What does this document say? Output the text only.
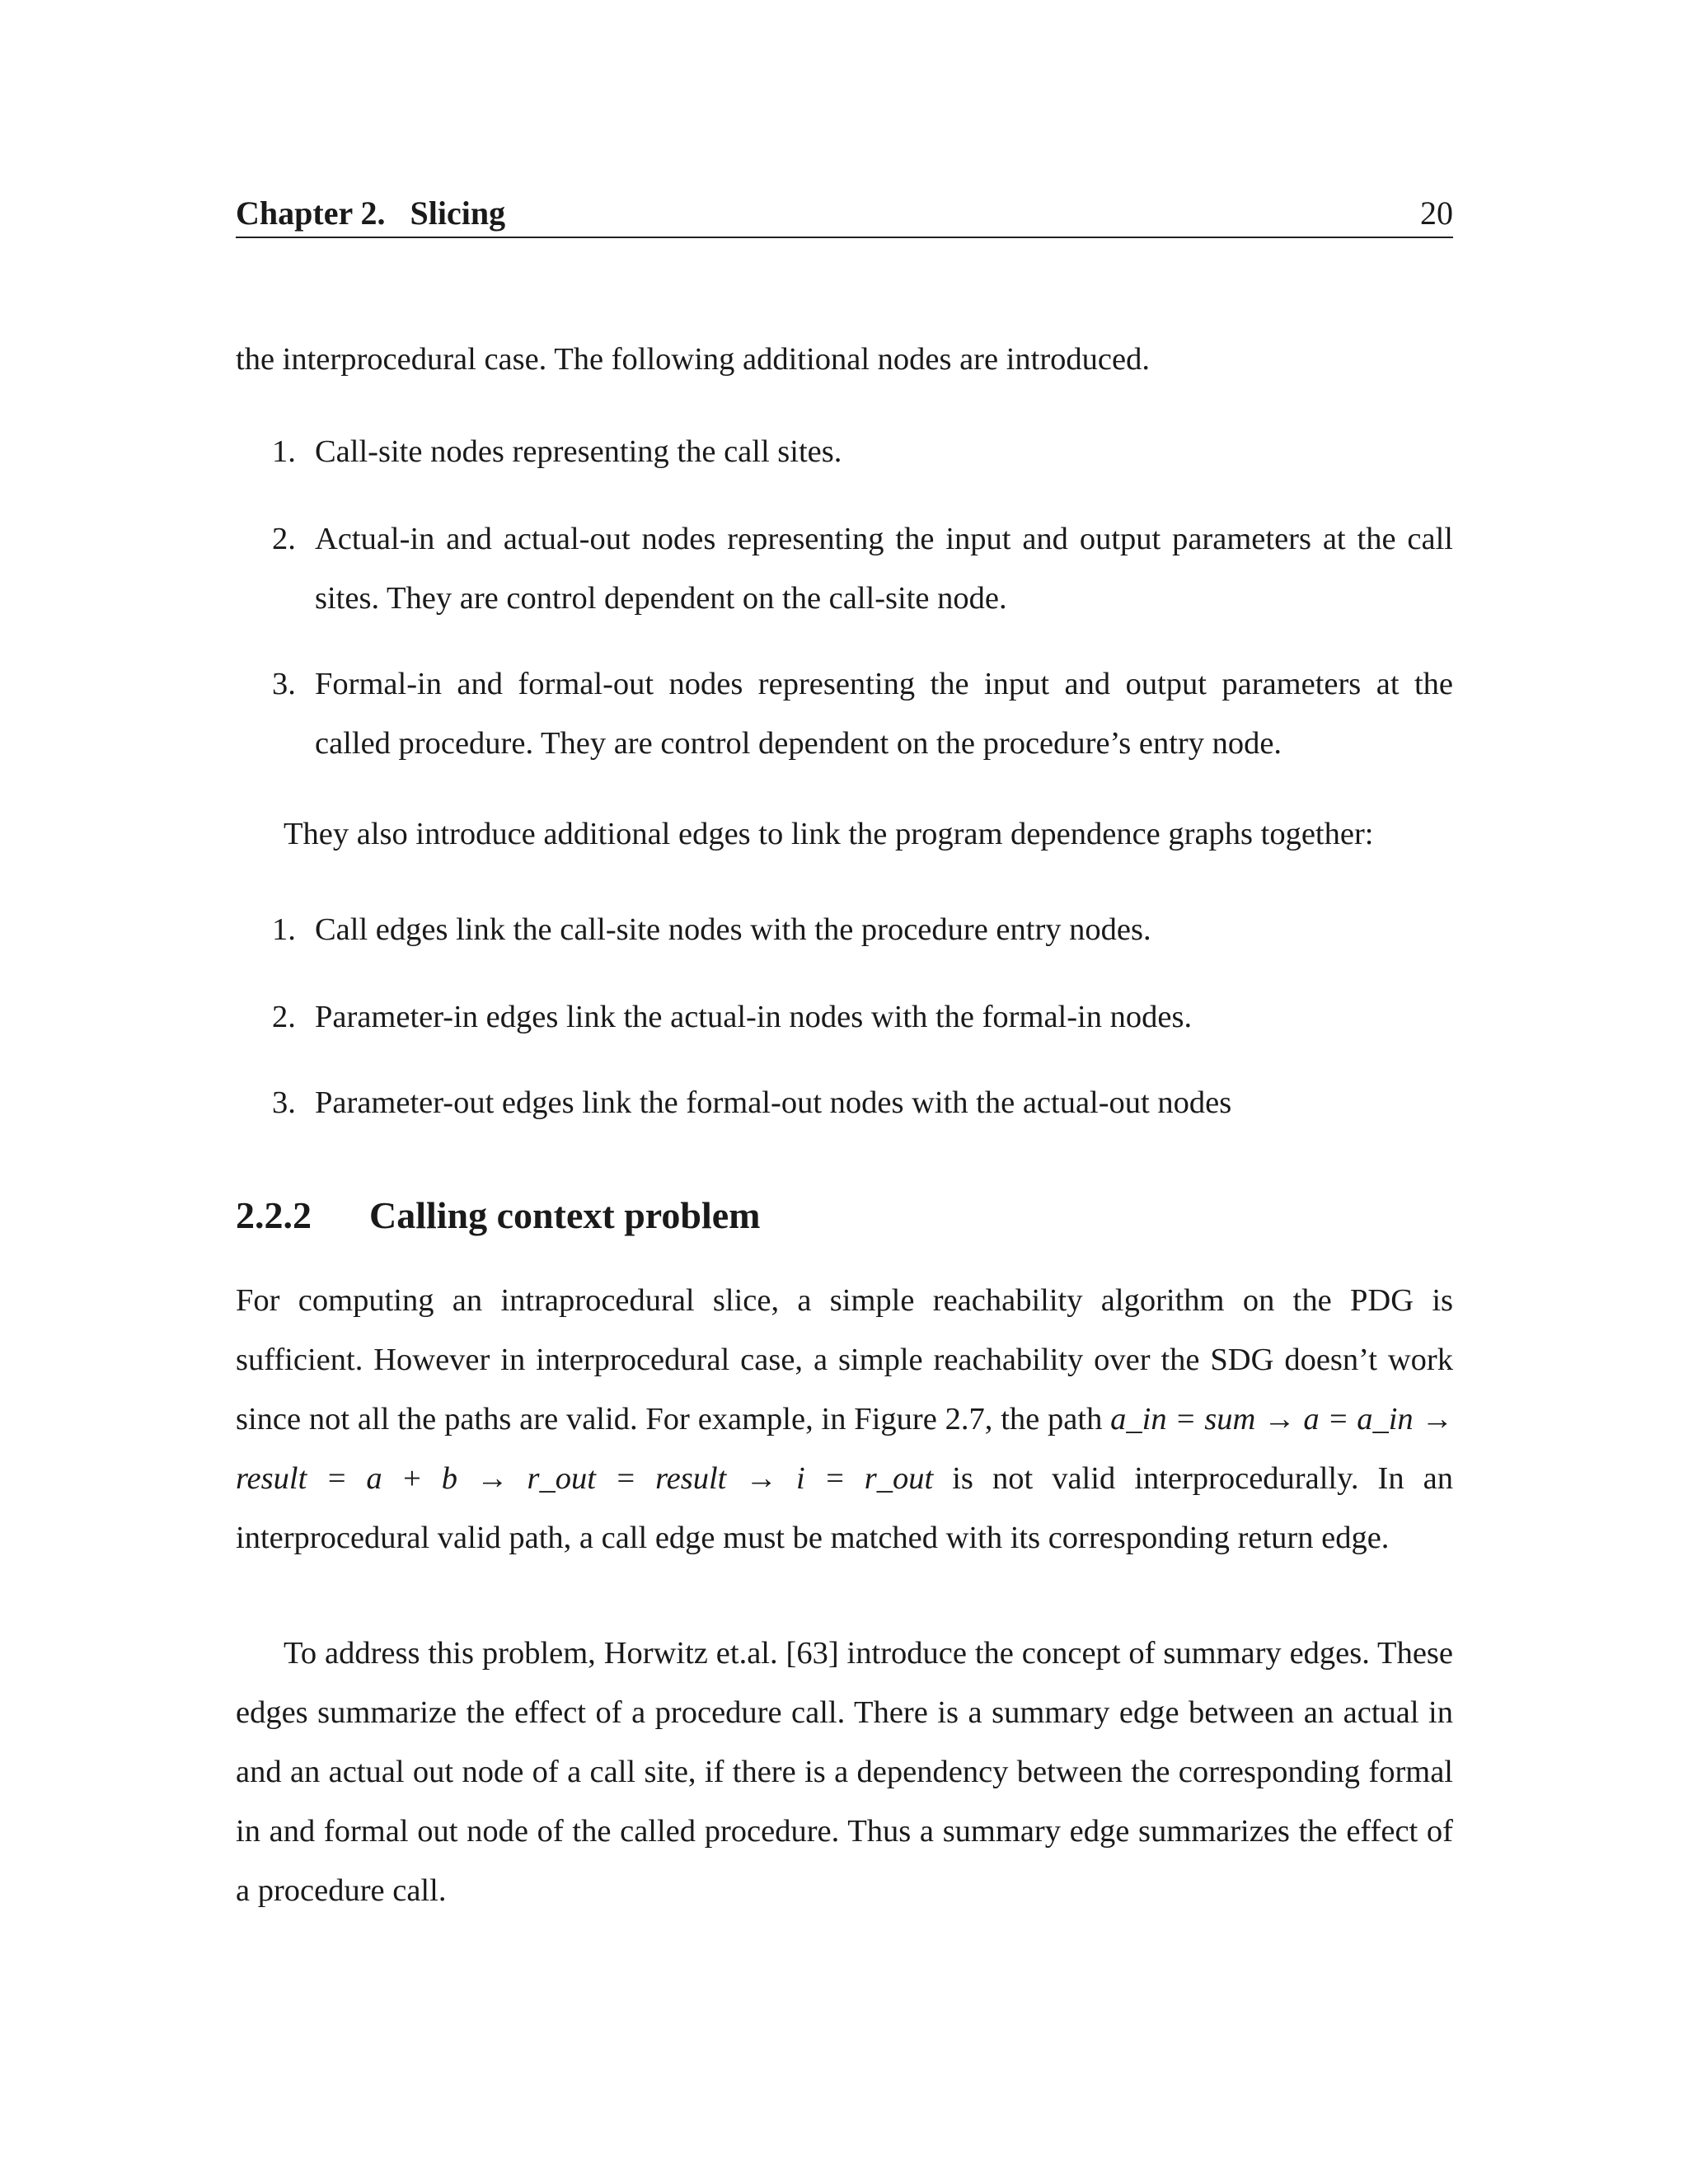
Chapter 2.   Slicing	20
the interprocedural case. The following additional nodes are introduced.
1. Call-site nodes representing the call sites.
2. Actual-in and actual-out nodes representing the input and output parameters at the call sites. They are control dependent on the call-site node.
3. Formal-in and formal-out nodes representing the input and output parameters at the called procedure. They are control dependent on the procedure’s entry node.
They also introduce additional edges to link the program dependence graphs together:
1. Call edges link the call-site nodes with the procedure entry nodes.
2. Parameter-in edges link the actual-in nodes with the formal-in nodes.
3. Parameter-out edges link the formal-out nodes with the actual-out nodes
2.2.2 Calling context problem
For computing an intraprocedural slice, a simple reachability algorithm on the PDG is sufficient. However in interprocedural case, a simple reachability over the SDG doesn’t work since not all the paths are valid. For example, in Figure 2.7, the path a_in = sum → a = a_in → result = a + b → r_out = result → i = r_out is not valid interprocedurally. In an interprocedural valid path, a call edge must be matched with its corresponding return edge.
To address this problem, Horwitz et.al. [63] introduce the concept of summary edges. These edges summarize the effect of a procedure call. There is a summary edge between an actual in and an actual out node of a call site, if there is a dependency between the corresponding formal in and formal out node of the called procedure. Thus a summary edge summarizes the effect of a procedure call.
